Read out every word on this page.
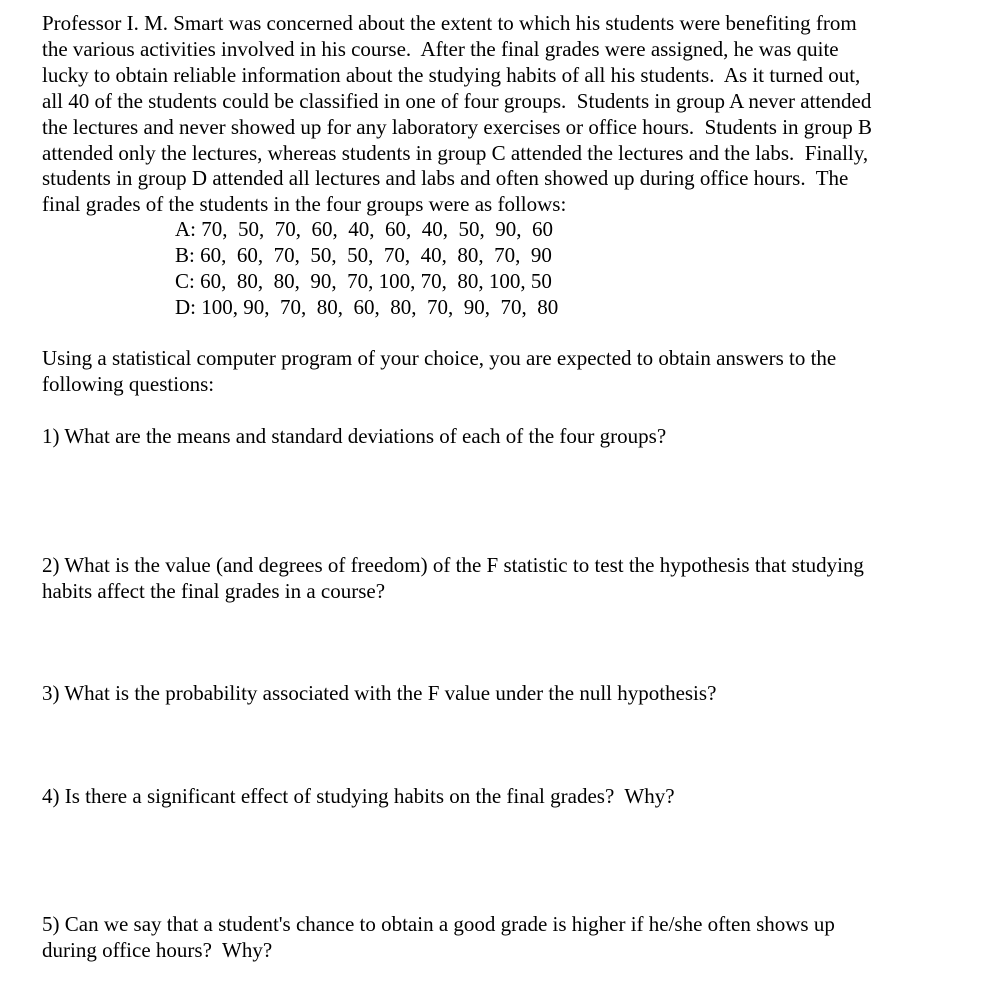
Professor I. M. Smart was concerned about the extent to which his students were benefiting from
the various activities involved in his course.  After the final grades were assigned, he was quite
lucky to obtain reliable information about the studying habits of all his students.  As it turned out,
all 40 of the students could be classified in one of four groups.  Students in group A never attended
the lectures and never showed up for any laboratory exercises or office hours.  Students in group B
attended only the lectures, whereas students in group C attended the lectures and the labs.  Finally,
students in group D attended all lectures and labs and often showed up during office hours.  The
final grades of the students in the four groups were as follows:
A: 70,  50,  70,  60,  40,  60,  40,  50,  90,  60
B: 60,  60,  70,  50,  50,  70,  40,  80,  70,  90
C: 60,  80,  80,  90,  70, 100, 70,  80, 100, 50
D: 100, 90,  70,  80,  60,  80,  70,  90,  70,  80
Using a statistical computer program of your choice, you are expected to obtain answers to the
following questions:
1) What are the means and standard deviations of each of the four groups?
2) What is the value (and degrees of freedom) of the F statistic to test the hypothesis that studying
habits affect the final grades in a course?
3) What is the probability associated with the F value under the null hypothesis?
4) Is there a significant effect of studying habits on the final grades?  Why?
5) Can we say that a student's chance to obtain a good grade is higher if he/she often shows up
during office hours?  Why?
